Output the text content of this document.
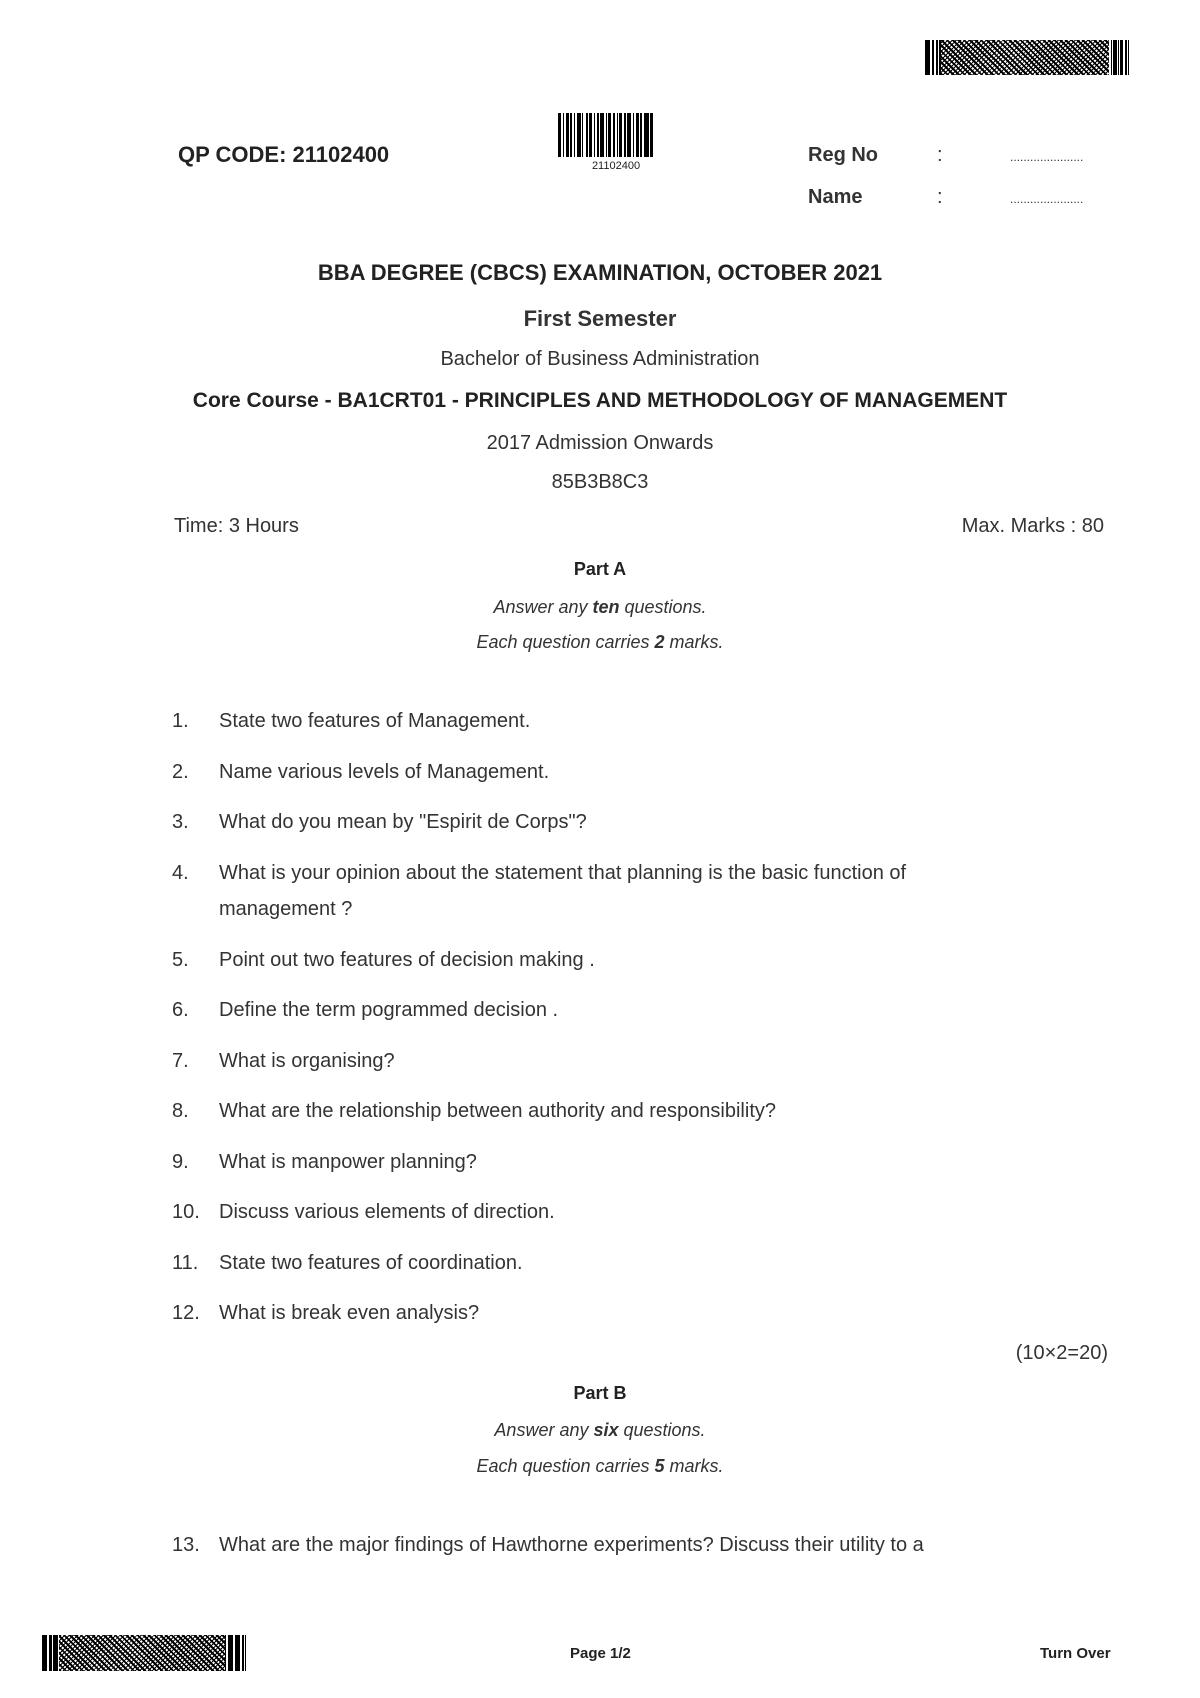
QP CODE: 21102400	21102400	Reg No	:	......................
Name	:	......................
BBA DEGREE (CBCS) EXAMINATION, OCTOBER 2021
First Semester
Bachelor of Business Administration
Core Course - BA1CRT01 - PRINCIPLES AND METHODOLOGY OF MANAGEMENT
2017 Admission Onwards
85B3B8C3
Time: 3 Hours	Max. Marks : 80
Part A
Answer any ten questions.
Each question carries 2 marks.
1. State two features of Management.
2. Name various levels of Management.
3. What do you mean by "Espirit de Corps"?
4. What is your opinion about the statement that planning is the basic function of management ?
5. Point out two features of decision making .
6. Define the term pogrammed decision .
7. What is organising?
8. What are the relationship between authority and responsibility?
9. What is manpower planning?
10. Discuss various elements of direction.
11. State two features of coordination.
12. What is break even analysis?
(10×2=20)
Part B
Answer any six questions.
Each question carries 5 marks.
13. What are the major findings of Hawthorne experiments? Discuss their utility to a
Page 1/2	Turn Over
